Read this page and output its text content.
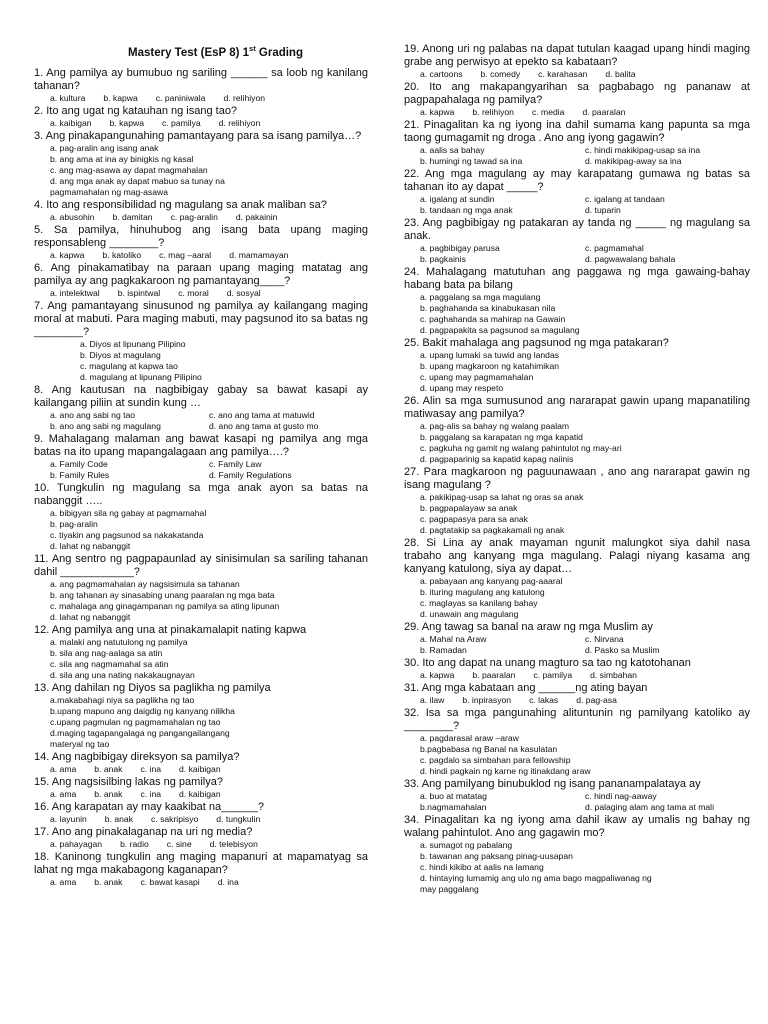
Mastery Test (EsP 8) 1st Grading
1. Ang pamilya ay bumubuo ng sariling ______ sa loob ng kanilang tahanan?
a. kultura b. kapwa c. paniniwala d. relihiyon
2. Ito ang ugat ng katauhan ng isang tao?
a. kaibigan b. kapwa c. pamilya d. relihiyon
3. Ang pinakapangunahing pamantayang para sa isang pamilya…?
a. pag-aralin ang isang anak
b. ang ama at ina ay binigkis ng kasal
c. ang mag-asawa ay dapat magmahalan
d. ang mga anak ay dapat mabuo sa tunay na
pagmamahalan ng mag-asawa
4. Ito ang responsibilidad ng magulang sa anak maliban sa?
a. abusohin b. damitan c. pag-aralin d. pakainin
5. Sa pamilya, hinuhubog ang isang bata upang maging responsableng ________?
a. kapwa b. katoliko c. mag –aaral d. mamamayan
6. Ang pinakamatibay na paraan upang maging matatag ang pamilya ay ang pagkakaroon ng pamantayang____?
a. intelektwal b. ispintwal c. moral d. sosyal
7. Ang pamantayang sinusunod ng pamilya ay kailangang maging moral at mabuti. Para maging mabuti, may pagsunod ito sa batas ng ________?
a. Diyos at lipunang Pilipino
b. Diyos at magulang
c. magulang at kapwa tao
d. magulang at lipunang Pilipino
8. Ang kautusan na nagbibigay gabay sa bawat kasapi ay kailangang piliin at sundin kung …
a. ano ang sabi ng tao	c. ano ang tama at matuwid
b. ano ang sabi ng magulang	d. ano ang tama at gusto mo
9. Mahalagang malaman ang bawat kasapi ng pamilya ang mga batas na ito upang mapangalagaan ang pamilya….?
a. Family Code	c. Family Law
b. Family Rules	d. Family Regulations
10. Tungkulin ng magulang sa mga anak ayon sa batas na nabanggit …..
a. bibigyan sila ng gabay at pagmamahal
b. pag-aralin
c. tiyakin ang pagsunod sa nakakatanda
d. lahat ng nabanggit
11. Ang sentro ng pagpapaunlad ay sinisimulan sa sariling tahanan dahil ____________?
a. ang pagmamahalan ay nagsisimula sa tahanan
b. ang tahanan ay sinasabing unang paaralan ng mga bata
c. mahalaga ang ginagampanan ng pamilya sa ating lipunan
d. lahat ng nabanggit
12. Ang pamilya ang una at pinakamalapit nating kapwa
a. malaki ang natutulong ng pamilya
b. sila ang nag-aalaga sa atin
c. sila ang nagmamahal sa atin
d. sila ang una nating nakakaugnayan
13. Ang dahilan ng Diyos sa paglikha ng pamilya
a.makabahagi niya sa paglikha ng tao
b.upang mapuno ang daigdig ng kanyang nilikha
c.upang pagmulan ng pagmamahalan ng tao
d.maging tagapangalaga ng pangangailangang
materyal ng tao
14. Ang nagbibigay direksyon sa pamilya?
a. ama b. anak c. ina d. kaibigan
15. Ang nagsisilbing lakas ng pamilya?
a. ama b. anak c. ina d. kaibigan
16. Ang karapatan ay may kaakibat na______?
a. layunin b. anak c. sakripisyo d. tungkulin
17. Ano ang pinakalaganap na uri ng media?
a. pahayagan b. radio c. sine d. telebisyon
18. Kaninong tungkulin ang maging mapanuri at mapamatyag sa lahat ng mga makabagong kaganapan?
a. ama b. anak c. bawat kasapi d. ina
19. Anong uri ng palabas na dapat tutulan kaagad upang hindi maging grabe ang perwisyo at epekto sa kabataan?
a. cartoons b. comedy c. karahasan d. balita
20. Ito ang makapangyarihan sa pagbabago ng pananaw at pagpapahalaga ng pamilya?
a. kapwa b. relihiyon c. media d. paaralan
21. Pinagalitan ka ng iyong ina dahil sumama kang papunta sa mga taong gumagamit ng droga . Ano ang iyong gagawin?
a. aalis sa bahay	c. hindi makikipag-usap sa ina
b. humingi ng tawad sa ina	d. makikipag-away sa ina
22. Ang mga magulang ay may karapatang gumawa ng batas sa tahanan ito ay dapat _____?
a. igalang at sundin	c. igalang at tandaan
b. tandaan ng mga anak	d. tuparin
23. Ang pagbibigay ng patakaran ay tanda ng _____ ng magulang sa anak.
a. pagbibigay parusa	c. pagmamahal
b. pagkainis	d. pagwawalang bahala
24. Mahalagang matutuhan ang paggawa ng mga gawaing-bahay habang bata pa bilang
a. paggalang sa mga magulang
b. paghahanda sa kinabukasan nila
c. paghahanda sa mahirap na Gawain
d. pagpapakita sa pagsunod sa magulang
25. Bakit mahalaga ang pagsunod ng mga patakaran?
a. upang lumaki sa tuwid ang landas
b. upang magkaroon ng katahimikan
c. upang may pagmamahalan
d. upang may respeto
26. Alin sa mga sumusunod ang nararapat gawin upang mapanatiling matiwasay ang pamilya?
a. pag-alis sa bahay ng walang paalam
b. paggalang sa karapatan ng mga kapatid
c. pagkuha ng gamit ng walang pahintulot ng may-ari
d. pagpaparinig sa kapatid kapag naiinis
27. Para magkaroon ng paguunawaan , ano ang nararapat gawin ng isang magulang ?
a. pakikipag-usap sa lahat ng oras sa anak
b. pagpapalayaw sa anak
c. pagpapasya para sa anak
d. pagtatakip sa pagkakamali ng anak
28. Si Lina ay anak mayaman ngunit malungkot siya dahil nasa trabaho ang kanyang mga magulang. Palagi niyang kasama ang kanyang katulong, siya ay dapat…
a. pabayaan ang kanyang pag-aaaral
b. ituring magulang ang katulong
c. maglayas sa kanilang bahay
d. unawain ang magulang
29. Ang tawag sa banal na araw ng mga Muslim ay
a. Mahal na Araw	c. Nirvana
b. Ramadan	d. Pasko sa Muslim
30. Ito ang dapat na unang magturo sa tao ng katotohanan
a. kapwa b. paaralan c. pamilya d. simbahan
31. Ang mga kabataan ang ______ng ating bayan
a. ilaw b. inpirasyon c. lakas d. pag-asa
32. Isa sa mga pangunahing alituntunin ng pamilyang katoliko ay ________?
a. pagdarasal araw –araw
b.pagbabasa ng Banal na kasulatan
c. pagdalo sa simbahan para fellowship
d. hindi pagkain ng karne ng itinakdang araw
33. Ang pamilyang binubuklod ng isang pananampalataya ay
a. buo at matatag	c. hindi nag-aaway
b.nagmamahalan	d. palaging alam ang tama at mali
34. Pinagalitan ka ng iyong ama dahil ikaw ay umalis ng bahay ng walang pahintulot. Ano ang gagawin mo?
a. sumagot ng pabalang
b. tawanan ang paksang pinag-uusapan
c. hindi kikibo at aalis na lamang
d. hintaying lumamig ang ulo ng ama bago magpaliwanag ng
may paggalang
